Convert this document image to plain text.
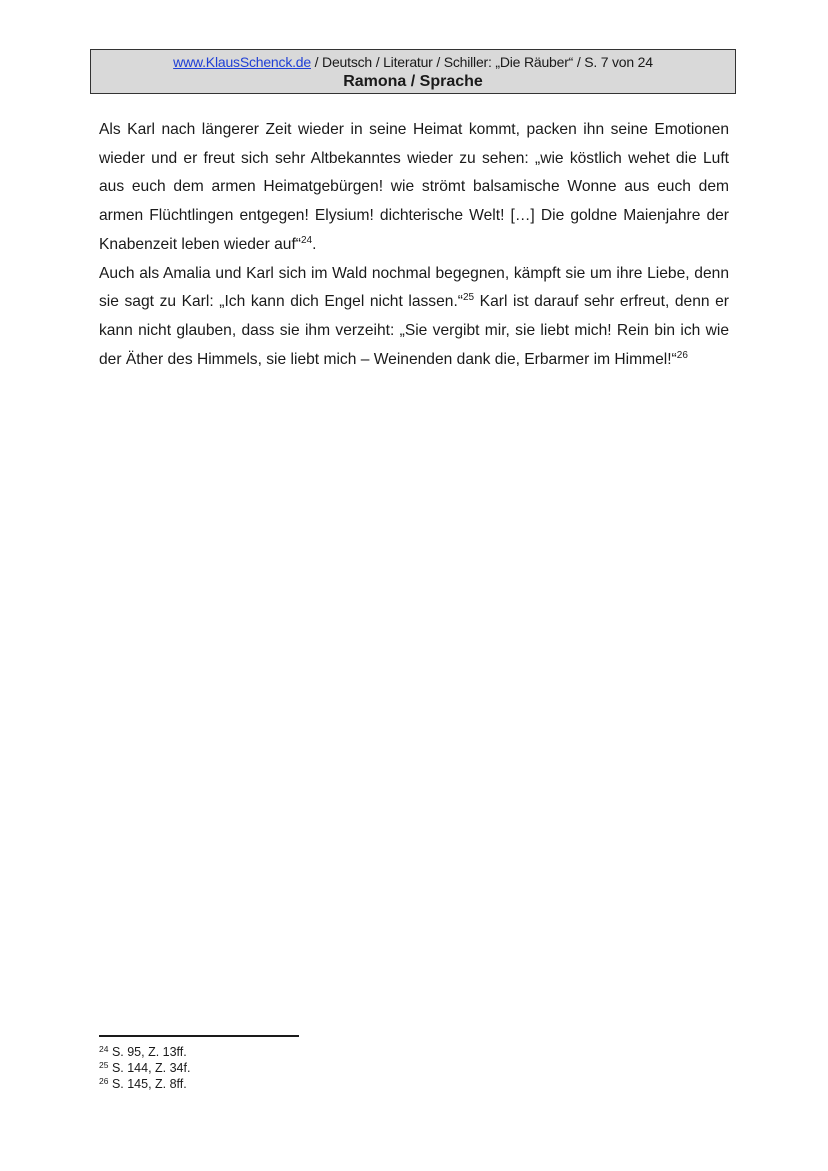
www.KlausSchenck.de / Deutsch / Literatur / Schiller: „Die Räuber“ / S. 7 von 24
Ramona / Sprache

Als Karl nach längerer Zeit wieder in seine Heimat kommt, packen ihn seine Emotionen wieder und er freut sich sehr Altbekanntes wieder zu sehen: „wie köstlich wehet die Luft aus euch dem armen Heimatgebürgen! wie strömt balsamische Wonne aus euch dem armen Flüchtlingen entgegen! Elysium! dichterische Welt! […] Die goldne Maienjahre der Knabenzeit leben wieder auf“$^{24}$.

Auch als Amalia und Karl sich im Wald nochmal begegnen, kämpft sie um ihre Liebe, denn sie sagt zu Karl: „Ich kann dich Engel nicht lassen.“$^{25}$ Karl ist darauf sehr erfreut, denn er kann nicht glauben, dass sie ihm verzeiht: „Sie vergibt mir, sie liebt mich! Rein bin ich wie der Äther des Himmels, sie liebt mich – Weinenden dank die, Erbarmer im Himmel!“$^{26}$

$^{24}$ S. 95, Z. 13ff.
$^{25}$ S. 144, Z. 34f.
$^{26}$ S. 145, Z. 8ff.
